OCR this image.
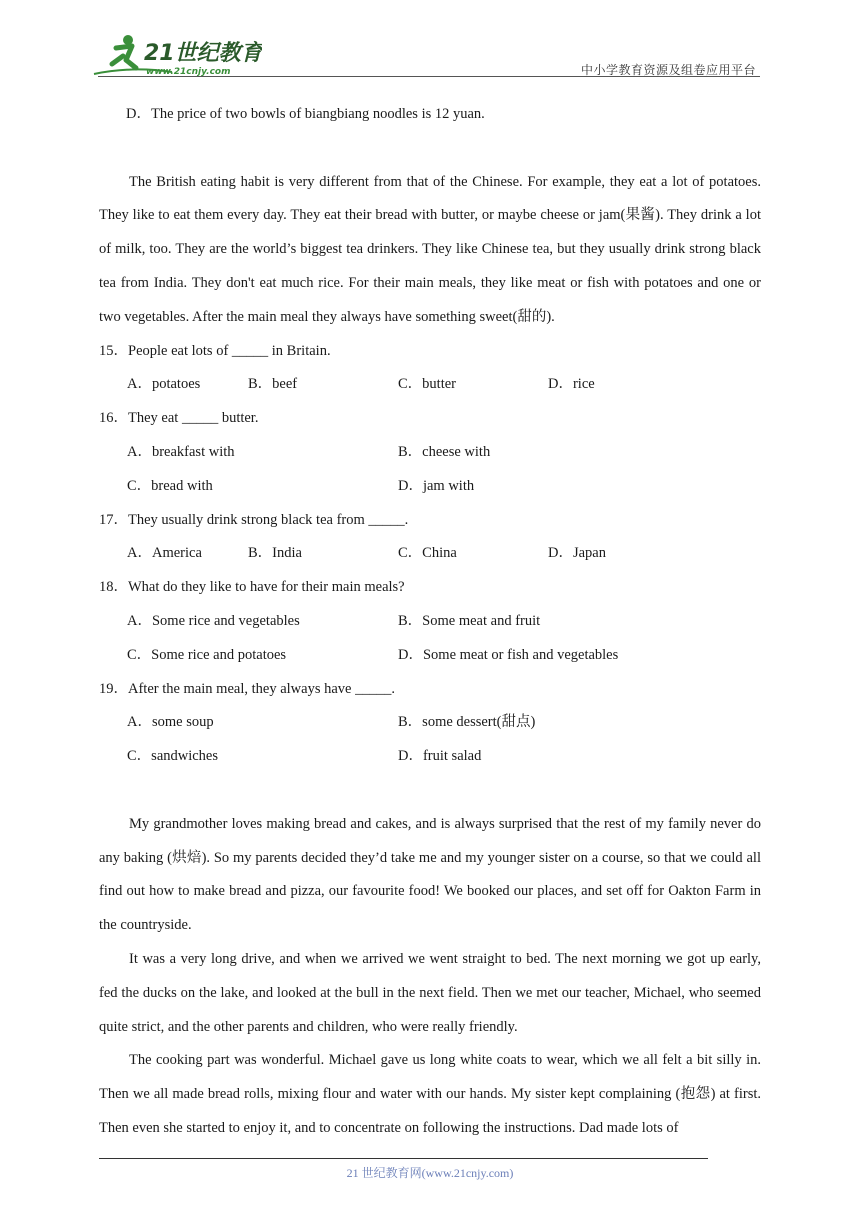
21世纪教育
www.21cnjy.com	中小学教育资源及组卷应用平台

D．The price of two bowls of biangbiang noodles is 12 yuan.

The British eating habit is very different from that of the Chinese. For example, they eat a lot of potatoes. They like to eat them every day. They eat their bread with butter, or maybe cheese or jam(果酱). They drink a lot of milk, too. They are the world’s biggest tea drinkers. They like Chinese tea, but they usually drink strong black tea from India. They don't eat much rice. For their main meals, they like meat or fish with potatoes and one or two vegetables. After the main meal they always have something sweet(甜的).

15．People eat lots of _____ in Britain.

A．potatoes	B．beef	C．butter	D．rice

16．They eat _____ butter.

A．breakfast with	B．cheese with
C．bread with	D．jam with

17．They usually drink strong black tea from _____.

A．America	B．India	C．China	D．Japan

18．What do they like to have for their main meals?

A．Some rice and vegetables	B．Some meat and fruit
C．Some rice and potatoes	D．Some meat or fish and vegetables

19．After the main meal, they always have _____.

A．some soup	B．some dessert(甜点)
C．sandwiches	D．fruit salad

My grandmother loves making bread and cakes, and is always surprised that the rest of my family never do any baking (烘焙). So my parents decided they’d take me and my younger sister on a course, so that we could all find out how to make bread and pizza, our favourite food! We booked our places, and set off for Oakton Farm in the countryside.

It was a very long drive, and when we arrived we went straight to bed. The next morning we got up early, fed the ducks on the lake, and looked at the bull in the next field. Then we met our teacher, Michael, who seemed quite strict, and the other parents and children, who were really friendly.

The cooking part was wonderful. Michael gave us long white coats to wear, which we all felt a bit silly in. Then we all made bread rolls, mixing flour and water with our hands. My sister kept complaining (抱怨) at first. Then even she started to enjoy it, and to concentrate on following the instructions. Dad made lots of

21 世纪教育网(www.21cnjy.com)
